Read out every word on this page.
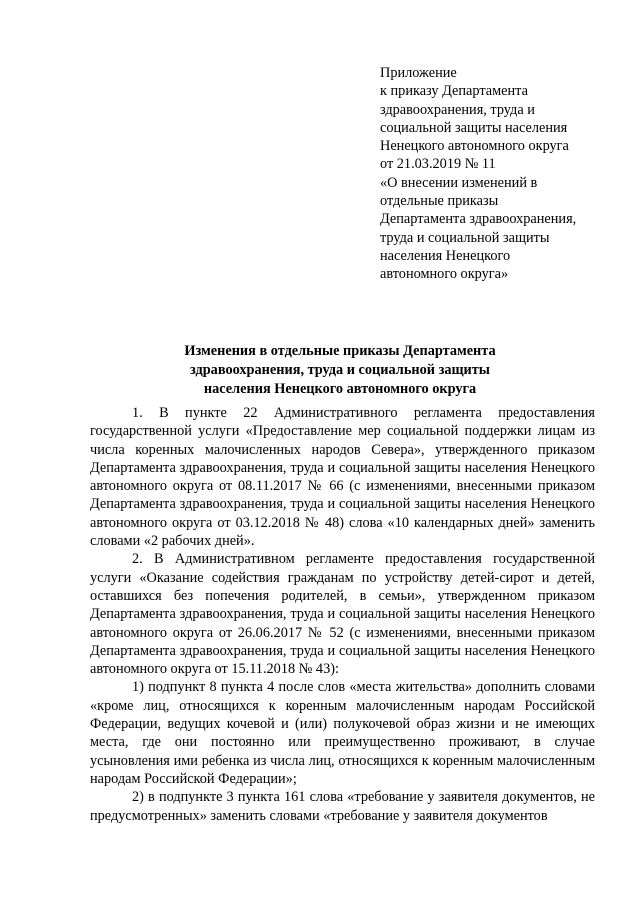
Приложение
к приказу Департамента
здравоохранения, труда и
социальной защиты населения
Ненецкого автономного округа
от 21.03.2019 № 11
«О внесении изменений в
отдельные приказы
Департамента здравоохранения,
труда и социальной защиты
населения Ненецкого
автономного округа»
Изменения в отдельные приказы Департамента
здравоохранения, труда и социальной защиты
населения Ненецкого автономного округа

1. В пункте 22 Административного регламента предоставления государственной услуги «Предоставление мер социальной поддержки лицам из числа коренных малочисленных народов Севера», утвержденного приказом Департамента здравоохранения, труда и социальной защиты населения Ненецкого автономного округа от 08.11.2017 № 66 (с изменениями, внесенными приказом Департамента здравоохранения, труда и социальной защиты населения Ненецкого автономного округа от 03.12.2018 № 48) слова «10 календарных дней» заменить словами «2 рабочих дней».

2. В Административном регламенте предоставления государственной услуги «Оказание содействия гражданам по устройству детей-сирот и детей, оставшихся без попечения родителей, в семьи», утвержденном приказом Департамента здравоохранения, труда и социальной защиты населения Ненецкого автономного округа от 26.06.2017 № 52 (с изменениями, внесенными приказом Департамента здравоохранения, труда и социальной защиты населения Ненецкого автономного округа от 15.11.2018 № 43):

1) подпункт 8 пункта 4 после слов «места жительства» дополнить словами «кроме лиц, относящихся к коренным малочисленным народам Российской Федерации, ведущих кочевой и (или) полукочевой образ жизни и не имеющих места, где они постоянно или преимущественно проживают, в случае усыновления ими ребенка из числа лиц, относящихся к коренным малочисленным народам Российской Федерации»;

2) в подпункте 3 пункта 161 слова «требование у заявителя документов, не предусмотренных» заменить словами «требование у заявителя документов
